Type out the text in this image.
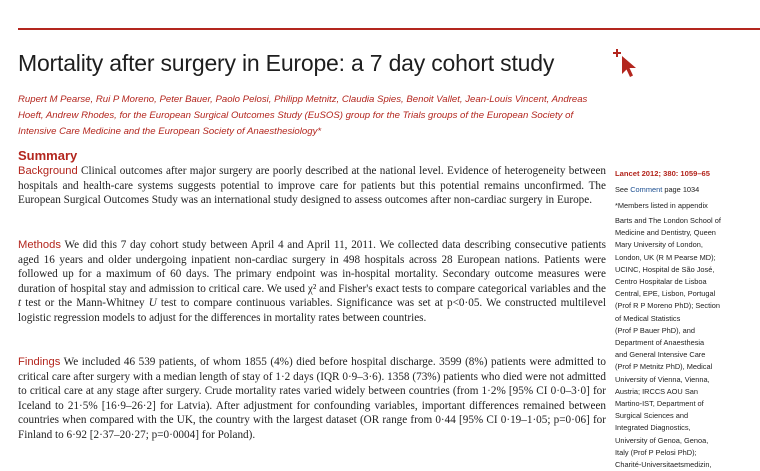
Mortality after surgery in Europe: a 7 day cohort study
Rupert M Pearse, Rui P Moreno, Peter Bauer, Paolo Pelosi, Philipp Metnitz, Claudia Spies, Benoit Vallet, Jean-Louis Vincent, Andreas Hoeft, Andrew Rhodes, for the European Surgical Outcomes Study (EuSOS) group for the Trials groups of the European Society of Intensive Care Medicine and the European Society of Anaesthesiology*
Summary

Background Clinical outcomes after major surgery are poorly described at the national level. Evidence of heterogeneity between hospitals and health-care systems suggests potential to improve care for patients but this potential remains unconfirmed. The European Surgical Outcomes Study was an international study designed to assess outcomes after non-cardiac surgery in Europe.

Methods We did this 7 day cohort study between April 4 and April 11, 2011. We collected data describing consecutive patients aged 16 years and older undergoing inpatient non-cardiac surgery in 498 hospitals across 28 European nations. Patients were followed up for a maximum of 60 days. The primary endpoint was in-hospital mortality. Secondary outcome measures were duration of hospital stay and admission to critical care. We used χ² and Fisher's exact tests to compare categorical variables and the t test or the Mann-Whitney U test to compare continuous variables. Significance was set at p<0·05. We constructed multilevel logistic regression models to adjust for the differences in mortality rates between countries.

Findings We included 46 539 patients, of whom 1855 (4%) died before hospital discharge. 3599 (8%) patients were admitted to critical care after surgery with a median length of stay of 1·2 days (IQR 0·9–3·6). 1358 (73%) patients who died were not admitted to critical care at any stage after surgery. Crude mortality rates varied widely between countries (from 1·2% [95% CI 0·0–3·0] for Iceland to 21·5% [16·9–26·2] for Latvia). After adjustment for confounding variables, important differences remained between countries when compared with the UK, the country with the largest dataset (OR range from 0·44 [95% CI 0·19–1·05; p=0·06] for Finland to 6·92 [2·37–20·27; p=0·0004] for Poland).

Lancet 2012; 380: 1059–65
See Comment page 1034
*Members listed in appendix
Barts and The London School of
Medicine and Dentistry, Queen
Mary University of London,
London, UK (R M Pearse MD);
UCINC, Hospital de São José,
Centro Hospitalar de Lisboa
Central, EPE, Lisbon, Portugal
(Prof R P Moreno PhD); Section
of Medical Statistics
(Prof P Bauer PhD), and
Department of Anaesthesia
and General Intensive Care
(Prof P Metnitz PhD), Medical
University of Vienna, Vienna,
Austria; IRCCS AOU San
Martino-IST, Department of
Surgical Sciences and
Integrated Diagnostics,
University of Genoa, Genoa,
Italy (Prof P Pelosi PhD);
Charité-Universitaetsmedizin,
